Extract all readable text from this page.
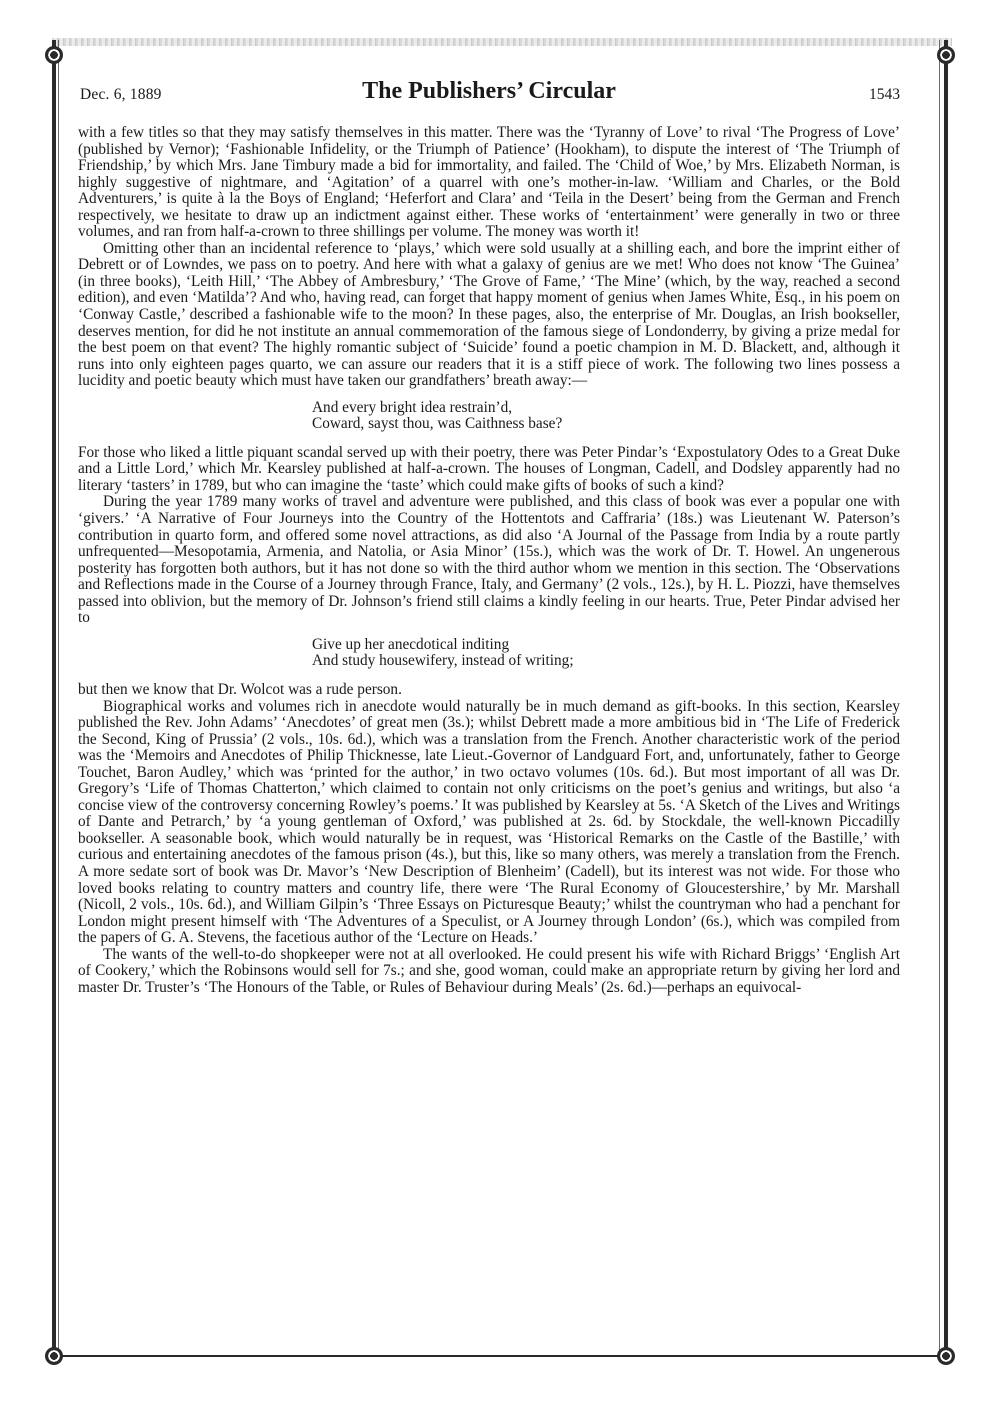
Dec. 6, 1889	The Publishers’ Circular	1543

with a few titles so that they may satisfy themselves in this matter. There was the ‘Tyranny of Love’ to rival ‘The Progress of Love’ (published by Vernor); ‘Fashionable Infidelity, or the Triumph of Patience’ (Hookham), to dispute the interest of ‘The Triumph of Friendship,’ by which Mrs. Jane Timbury made a bid for immortality, and failed. The ‘Child of Woe,’ by Mrs. Elizabeth Norman, is highly suggestive of nightmare, and ‘Agitation’ of a quarrel with one’s mother-in-law. ‘William and Charles, or the Bold Adventurers,’ is quite à la the Boys of England; ‘Heferfort and Clara’ and ‘Teila in the Desert’ being from the German and French respectively, we hesitate to draw up an indictment against either. These works of ‘entertainment’ were generally in two or three volumes, and ran from half-a-crown to three shillings per volume. The money was worth it!

Omitting other than an incidental reference to ‘plays,’ which were sold usually at a shilling each, and bore the imprint either of Debrett or of Lowndes, we pass on to poetry. And here with what a galaxy of genius are we met! Who does not know ‘The Guinea’ (in three books), ‘Leith Hill,’ ‘The Abbey of Ambresbury,’ ‘The Grove of Fame,’ ‘The Mine’ (which, by the way, reached a second edition), and even ‘Matilda’? And who, having read, can forget that happy moment of genius when James White, Esq., in his poem on ‘Conway Castle,’ described a fashionable wife to the moon? In these pages, also, the enterprise of Mr. Douglas, an Irish bookseller, deserves mention, for did he not institute an annual commemoration of the famous siege of Londonderry, by giving a prize medal for the best poem on that event? The highly romantic subject of ‘Suicide’ found a poetic champion in M. D. Blackett, and, although it runs into only eighteen pages quarto, we can assure our readers that it is a stiff piece of work. The following two lines possess a lucidity and poetic beauty which must have taken our grandfathers’ breath away:—

And every bright idea restrain’d,
Coward, sayst thou, was Caithness base?

For those who liked a little piquant scandal served up with their poetry, there was Peter Pindar’s ‘Expostulatory Odes to a Great Duke and a Little Lord,’ which Mr. Kearsley published at half-a-crown. The houses of Longman, Cadell, and Dodsley apparently had no literary ‘tasters’ in 1789, but who can imagine the ‘taste’ which could make gifts of books of such a kind?

During the year 1789 many works of travel and adventure were published, and this class of book was ever a popular one with ‘givers.’ ‘A Narrative of Four Journeys into the Country of the Hottentots and Caffraria’ (18s.) was Lieutenant W. Paterson’s contribution in quarto form, and offered some novel attractions, as did also ‘A Journal of the Passage from India by a route partly unfrequented—Mesopotamia, Armenia, and Natolia, or Asia Minor’ (15s.), which was the work of Dr. T. Howel. An ungenerous posterity has forgotten both authors, but it has not done so with the third author whom we mention in this section. The ‘Observations and Reflections made in the Course of a Journey through France, Italy, and Germany’ (2 vols., 12s.), by H. L. Piozzi, have themselves passed into oblivion, but the memory of Dr. Johnson’s friend still claims a kindly feeling in our hearts. True, Peter Pindar advised her to

Give up her anecdotical inditing
And study housewifery, instead of writing;

but then we know that Dr. Wolcot was a rude person.

Biographical works and volumes rich in anecdote would naturally be in much demand as gift-books. In this section, Kearsley published the Rev. John Adams’ ‘Anecdotes’ of great men (3s.); whilst Debrett made a more ambitious bid in ‘The Life of Frederick the Second, King of Prussia’ (2 vols., 10s. 6d.), which was a translation from the French. Another characteristic work of the period was the ‘Memoirs and Anecdotes of Philip Thicknesse, late Lieut.-Governor of Landguard Fort, and, unfortunately, father to George Touchet, Baron Audley,’ which was ‘printed for the author,’ in two octavo volumes (10s. 6d.). But most important of all was Dr. Gregory’s ‘Life of Thomas Chatterton,’ which claimed to contain not only criticisms on the poet’s genius and writings, but also ‘a concise view of the controversy concerning Rowley’s poems.’ It was published by Kearsley at 5s. ‘A Sketch of the Lives and Writings of Dante and Petrarch,’ by ‘a young gentleman of Oxford,’ was published at 2s. 6d. by Stockdale, the well-known Piccadilly bookseller. A seasonable book, which would naturally be in request, was ‘Historical Remarks on the Castle of the Bastille,’ with curious and entertaining anecdotes of the famous prison (4s.), but this, like so many others, was merely a translation from the French. A more sedate sort of book was Dr. Mavor’s ‘New Description of Blenheim’ (Cadell), but its interest was not wide. For those who loved books relating to country matters and country life, there were ‘The Rural Economy of Gloucestershire,’ by Mr. Marshall (Nicoll, 2 vols., 10s. 6d.), and William Gilpin’s ‘Three Essays on Picturesque Beauty;’ whilst the countryman who had a penchant for London might present himself with ‘The Adventures of a Speculist, or A Journey through London’ (6s.), which was compiled from the papers of G. A. Stevens, the facetious author of the ‘Lecture on Heads.’

The wants of the well-to-do shopkeeper were not at all overlooked. He could present his wife with Richard Briggs’ ‘English Art of Cookery,’ which the Robinsons would sell for 7s.; and she, good woman, could make an appropriate return by giving her lord and master Dr. Truster’s ‘The Honours of the Table, or Rules of Behaviour during Meals’ (2s. 6d.)—perhaps an equivocal-
